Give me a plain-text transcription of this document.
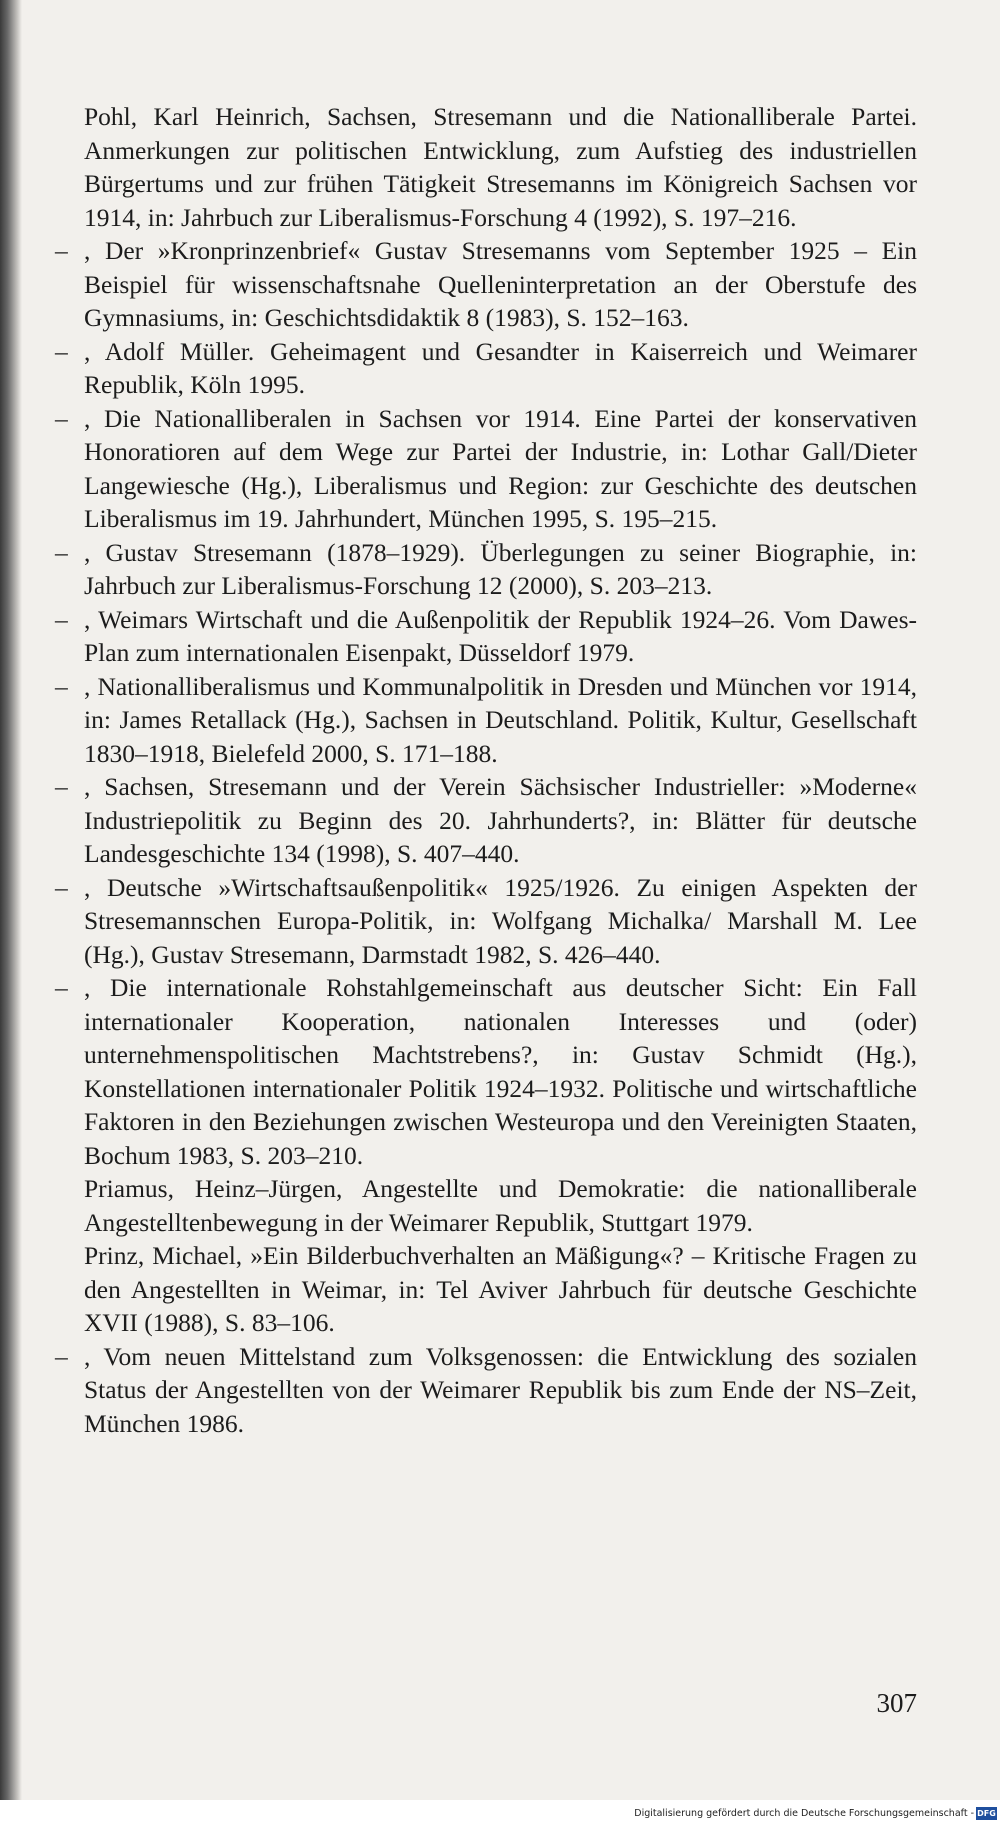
Pohl, Karl Heinrich, Sachsen, Stresemann und die Nationalliberale Partei. Anmerkungen zur politischen Entwicklung, zum Aufstieg des industriellen Bürgertums und zur frühen Tätigkeit Stresemanns im Königreich Sachsen vor 1914, in: Jahrbuch zur Liberalismus-Forschung 4 (1992), S. 197–216.
– , Der »Kronprinzenbrief« Gustav Stresemanns vom September 1925 – Ein Beispiel für wissenschaftsnahe Quelleninterpretation an der Oberstufe des Gymnasiums, in: Geschichtsdidaktik 8 (1983), S. 152–163.
– , Adolf Müller. Geheimagent und Gesandter in Kaiserreich und Weimarer Republik, Köln 1995.
– , Die Nationalliberalen in Sachsen vor 1914. Eine Partei der konservativen Honoratioren auf dem Wege zur Partei der Industrie, in: Lothar Gall/Dieter Langewiesche (Hg.), Liberalismus und Region: zur Geschichte des deutschen Liberalismus im 19. Jahrhundert, München 1995, S. 195–215.
– , Gustav Stresemann (1878–1929). Überlegungen zu seiner Biographie, in: Jahrbuch zur Liberalismus-Forschung 12 (2000), S. 203–213.
– , Weimars Wirtschaft und die Außenpolitik der Republik 1924–26. Vom Dawes-Plan zum internationalen Eisenpakt, Düsseldorf 1979.
– , Nationalliberalismus und Kommunalpolitik in Dresden und München vor 1914, in: James Retallack (Hg.), Sachsen in Deutschland. Politik, Kultur, Gesellschaft 1830–1918, Bielefeld 2000, S. 171–188.
– , Sachsen, Stresemann und der Verein Sächsischer Industrieller: »Moderne« Industriepolitik zu Beginn des 20. Jahrhunderts?, in: Blätter für deutsche Landesgeschichte 134 (1998), S. 407–440.
– , Deutsche »Wirtschaftsaußenpolitik« 1925/1926. Zu einigen Aspekten der Stresemannschen Europa-Politik, in: Wolfgang Michalka/ Marshall M. Lee (Hg.), Gustav Stresemann, Darmstadt 1982, S. 426–440.
– , Die internationale Rohstahlgemeinschaft aus deutscher Sicht: Ein Fall internationaler Kooperation, nationalen Interesses und (oder) unternehmenspolitischen Machtstrebens?, in: Gustav Schmidt (Hg.), Konstellationen internationaler Politik 1924–1932. Politische und wirtschaftliche Faktoren in den Beziehungen zwischen Westeuropa und den Vereinigten Staaten, Bochum 1983, S. 203–210.
Priamus, Heinz–Jürgen, Angestellte und Demokratie: die nationalliberale Angestelltenbewegung in der Weimarer Republik, Stuttgart 1979.
Prinz, Michael, »Ein Bilderbuchverhalten an Mäßigung«? – Kritische Fragen zu den Angestellten in Weimar, in: Tel Aviver Jahrbuch für deutsche Geschichte XVII (1988), S. 83–106.
– , Vom neuen Mittelstand zum Volksgenossen: die Entwicklung des sozialen Status der Angestellten von der Weimarer Republik bis zum Ende der NS–Zeit, München 1986.
307
Digitalisierung gefördert durch die Deutsche Forschungsgemeinschaft - DFG
